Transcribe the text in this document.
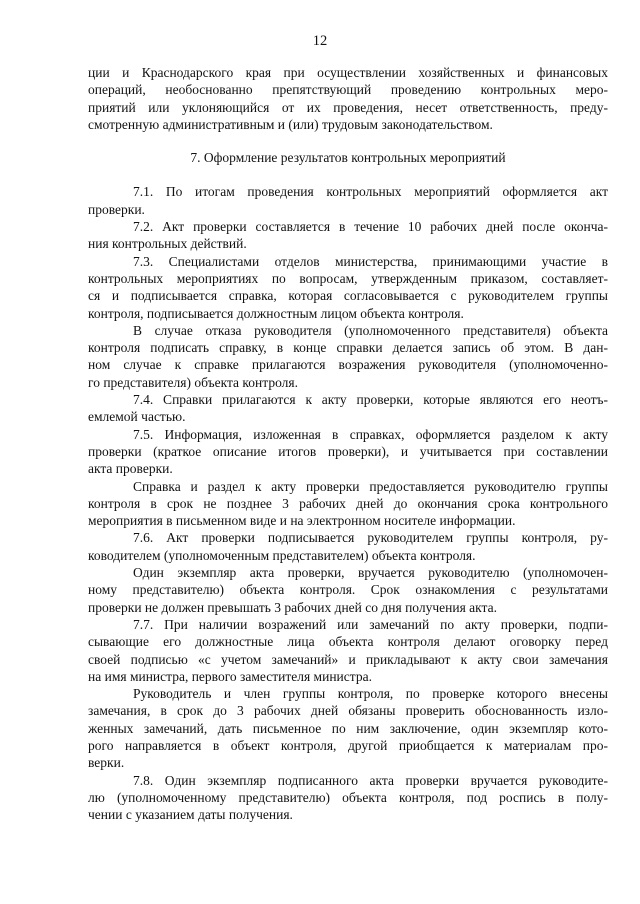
12
ции и Краснодарского края при осуществлении хозяйственных и финансовых
операций, необоснованно препятствующий проведению контрольных меро-
приятий или уклоняющийся от их проведения, несет ответственность, преду-
смотренную административным и (или) трудовым законодательством.
7. Оформление результатов контрольных мероприятий
7.1. По итогам проведения контрольных мероприятий оформляется акт
проверки.
7.2. Акт проверки составляется в течение 10 рабочих дней после оконча-
ния контрольных действий.
7.3. Специалистами отделов министерства, принимающими участие в
контрольных мероприятиях по вопросам, утвержденным приказом, составляет-
ся и подписывается справка, которая согласовывается с руководителем группы
контроля, подписывается должностным лицом объекта контроля.
В случае отказа руководителя (уполномоченного представителя) объекта
контроля подписать справку, в конце справки делается запись об этом. В дан-
ном случае к справке прилагаются возражения руководителя (уполномоченно-
го представителя) объекта контроля.
7.4. Справки прилагаются к акту проверки, которые являются его неотъ-
емлемой частью.
7.5. Информация, изложенная в справках, оформляется разделом к акту
проверки (краткое описание итогов проверки), и учитывается при составлении
акта проверки.
Справка и раздел к акту проверки предоставляется руководителю группы
контроля в срок не позднее 3 рабочих дней до окончания срока контрольного
мероприятия в письменном виде и на электронном носителе информации.
7.6. Акт проверки подписывается руководителем группы контроля, ру-
ководителем (уполномоченным представителем) объекта контроля.
Один экземпляр акта проверки, вручается руководителю (уполномочен-
ному представителю) объекта контроля. Срок ознакомления с результатами
проверки не должен превышать 3 рабочих дней со дня получения акта.
7.7. При наличии возражений или замечаний по акту проверки, подпи-
сывающие его должностные лица объекта контроля делают оговорку перед
своей подписью «с учетом замечаний» и прикладывают к акту свои замечания
на имя министра, первого заместителя министра.
Руководитель и член группы контроля, по проверке которого внесены
замечания, в срок до 3 рабочих дней обязаны проверить обоснованность изло-
женных замечаний, дать письменное по ним заключение, один экземпляр кото-
рого направляется в объект контроля, другой приобщается к материалам про-
верки.
7.8. Один экземпляр подписанного акта проверки вручается руководите-
лю (уполномоченному представителю) объекта контроля, под роспись в полу-
чении с указанием даты получения.
